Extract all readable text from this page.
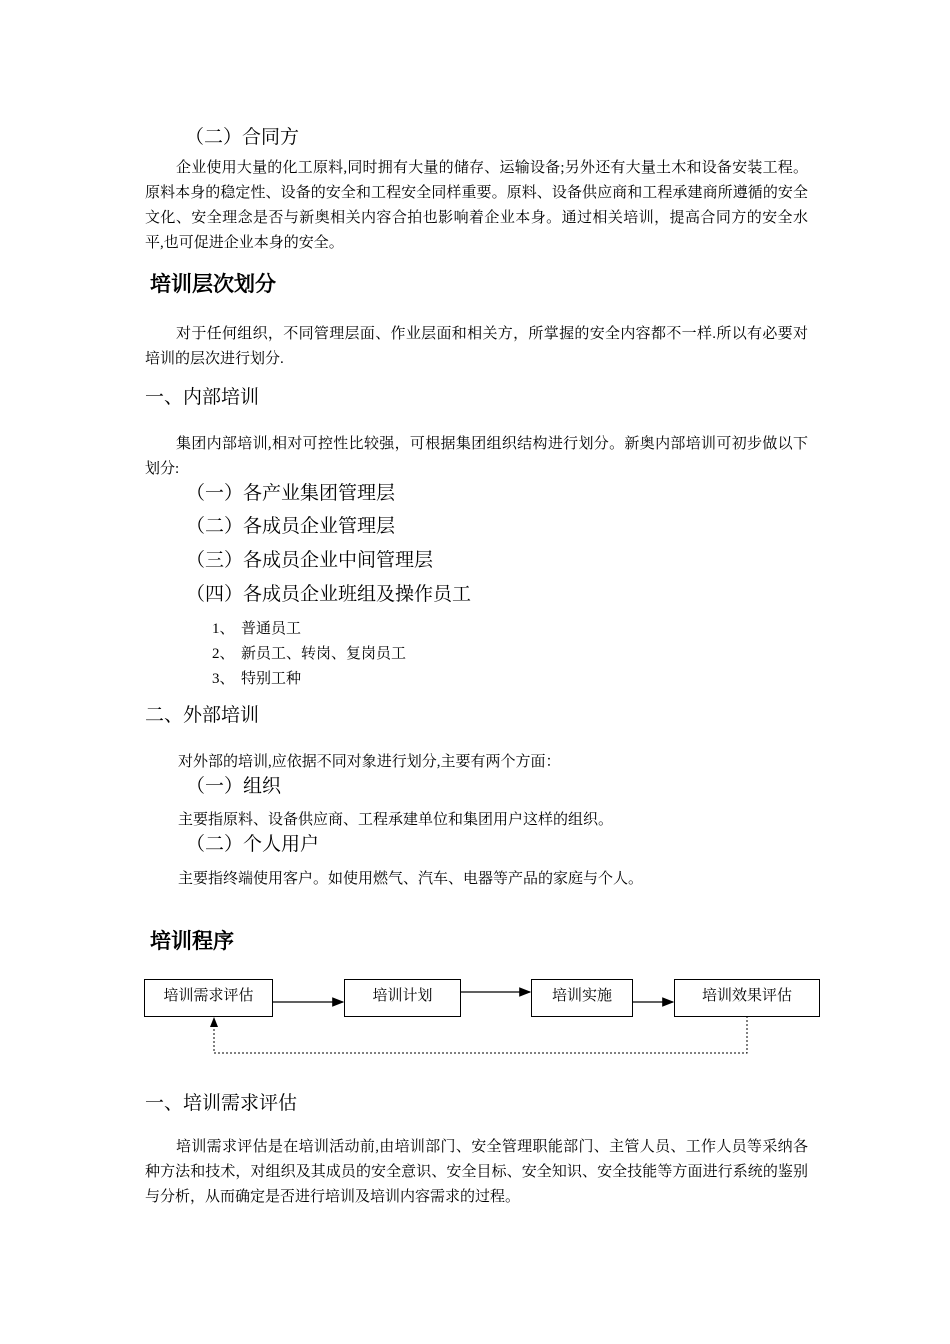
（二）合同方
企业使用大量的化工原料,同时拥有大量的储存、运输设备;另外还有大量土木和设备安装工程。原料本身的稳定性、设备的安全和工程安全同样重要。原料、设备供应商和工程承建商所遵循的安全文化、安全理念是否与新奥相关内容合拍也影响着企业本身。通过相关培训，提高合同方的安全水平,也可促进企业本身的安全。
培训层次划分
对于任何组织，不同管理层面、作业层面和相关方，所掌握的安全内容都不一样.所以有必要对培训的层次进行划分.
一、内部培训
集团内部培训,相对可控性比较强，可根据集团组织结构进行划分。新奥内部培训可初步做以下划分:
（一）各产业集团管理层
（二）各成员企业管理层
（三）各成员企业中间管理层
（四）各成员企业班组及操作员工
1、 普通员工
2、 新员工、转岗、复岗员工
3、 特别工种
二、外部培训
对外部的培训,应依据不同对象进行划分,主要有两个方面：
（一）组织
主要指原料、设备供应商、工程承建单位和集团用户这样的组织。
（二）个人用户
主要指终端使用客户。如使用燃气、汽车、电器等产品的家庭与个人。
培训程序
培训需求评估	培训计划	培训实施	培训效果评估
一、培训需求评估
培训需求评估是在培训活动前,由培训部门、安全管理职能部门、主管人员、工作人员等采纳各种方法和技术，对组织及其成员的安全意识、安全目标、安全知识、安全技能等方面进行系统的鉴别与分析，从而确定是否进行培训及培训内容需求的过程。
